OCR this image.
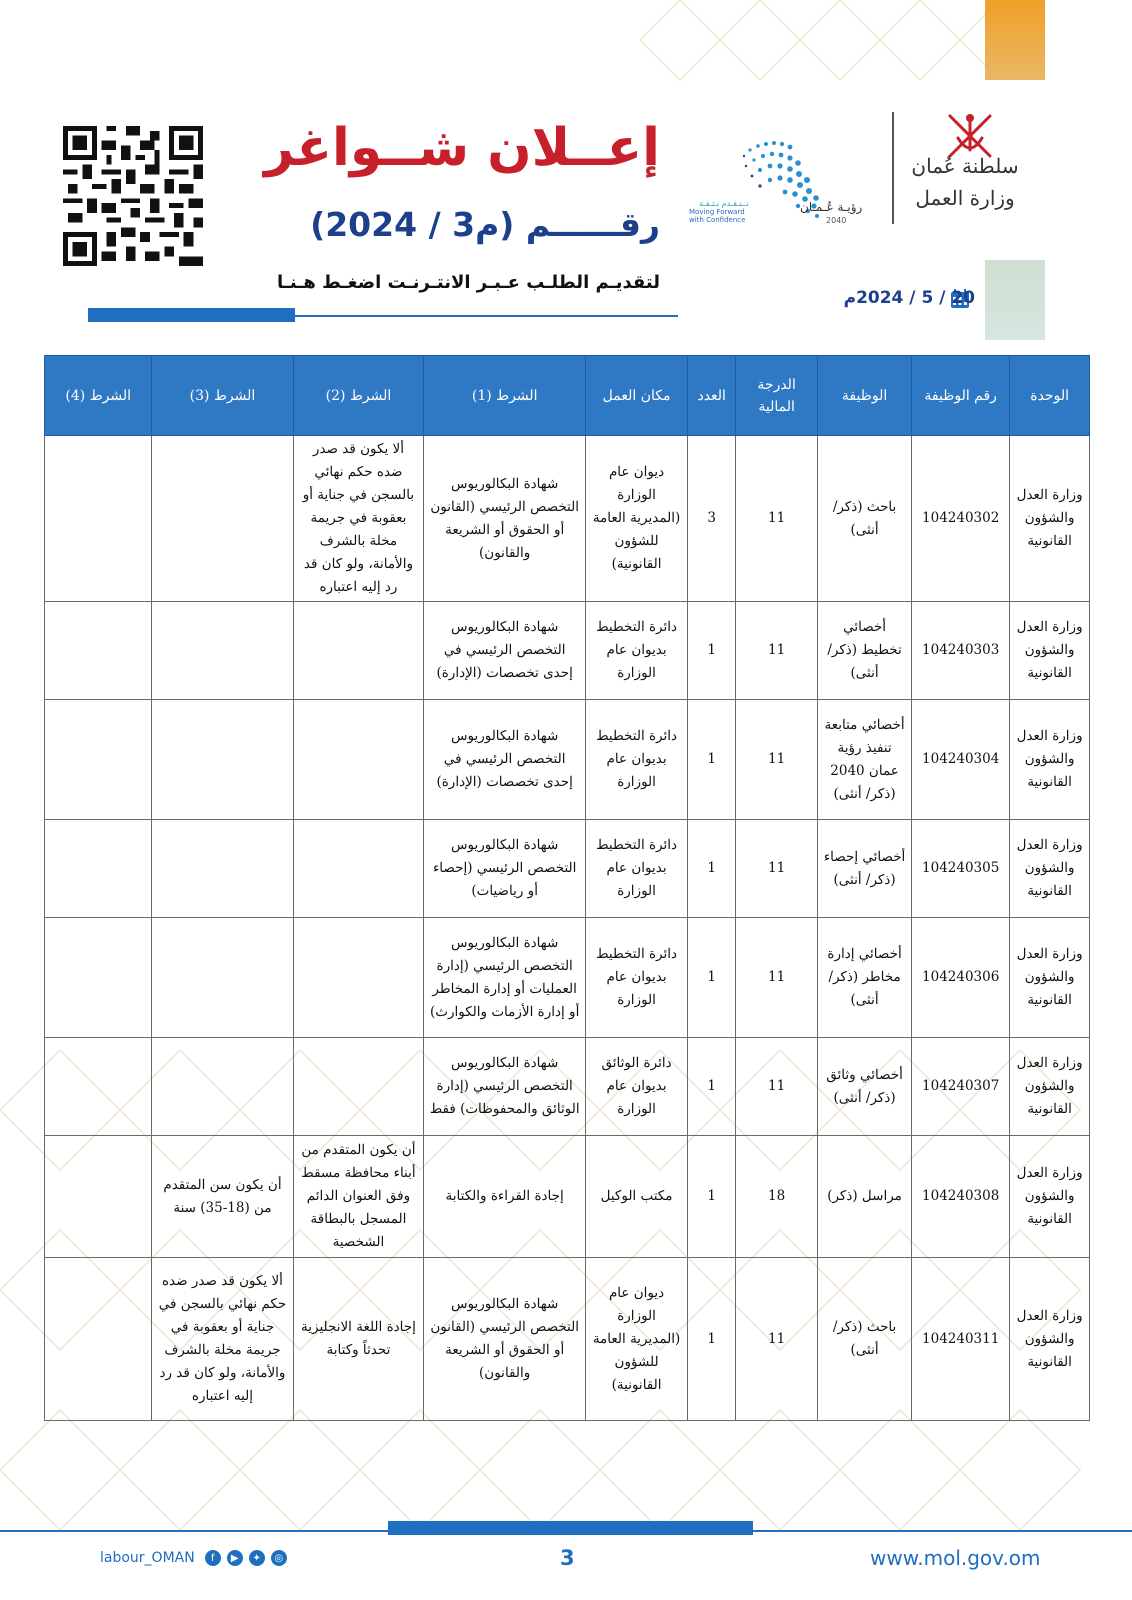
إعــلان شــواغر
رقــــــم (م3 / 2024)
لتقديـم الطلـب عـبـر الانتـرنـت اضغـط هـنـا
سلطنة عُمان
وزارة العمل
رؤيـة عُـمـان
2040
نــتـقـدم بـثـقـة
Moving Forward with Confidence
20 / 5 / 2024م
الوحدة	رقم الوظيفة	الوظيفة	الدرجة المالية	العدد	مكان العمل	الشرط (1)	الشرط (2)	الشرط (3)	الشرط (4)
وزارة العدل والشؤون القانونية	104240302	باحث (ذكر/ أنثى)	11	3	ديوان عام الوزارة (المديرية العامة للشؤون القانونية)	شهادة البكالوريوس التخصص الرئيسي (القانون أو الحقوق أو الشريعة والقانون)	ألا يكون قد صدر ضده حكم نهائي بالسجن في جناية أو بعقوبة في جريمة مخلة بالشرف والأمانة، ولو كان قد رد إليه اعتباره		
وزارة العدل والشؤون القانونية	104240303	أخصائي تخطيط (ذكر/أنثى)	11	1	دائرة التخطيط بديوان عام الوزارة	شهادة البكالوريوس التخصص الرئيسي في إحدى تخصصات (الإدارة)			
وزارة العدل والشؤون القانونية	104240304	أخصائي متابعة تنفيذ رؤية عمان 2040 (ذكر/ أنثى)	11	1	دائرة التخطيط بديوان عام الوزارة	شهادة البكالوريوس التخصص الرئيسي في إحدى تخصصات (الإدارة)			
وزارة العدل والشؤون القانونية	104240305	أخصائي إحصاء (ذكر/ أنثى)	11	1	دائرة التخطيط بديوان عام الوزارة	شهادة البكالوريوس التخصص الرئيسي (إحصاء أو رياضيات)			
وزارة العدل والشؤون القانونية	104240306	أخصائي إدارة مخاطر (ذكر/ أنثى)	11	1	دائرة التخطيط بديوان عام الوزارة	شهادة البكالوريوس التخصص الرئيسي (إدارة العمليات أو إدارة المخاطر أو إدارة الأزمات والكوارث)			
وزارة العدل والشؤون القانونية	104240307	أخصائي وثائق (ذكر/ أنثى)	11	1	دائرة الوثائق بديوان عام الوزارة	شهادة البكالوريوس التخصص الرئيسي (إدارة الوثائق والمحفوظات) فقط			
وزارة العدل والشؤون القانونية	104240308	مراسل (ذكر)	18	1	مكتب الوكيل	إجادة القراءة والكتابة	أن يكون المتقدم من أبناء محافظة مسقط وفق العنوان الدائم المسجل بالبطاقة الشخصية	أن يكون سن المتقدم من (18-35) سنة	
وزارة العدل والشؤون القانونية	104240311	باحث (ذكر/ أنثى)	11	1	ديوان عام الوزارة (المديرية العامة للشؤون القانونية)	شهادة البكالوريوس التخصص الرئيسي (القانون أو الحقوق أو الشريعة والقانون)	إجادة اللغة الانجليزية تحدثاً وكتابة	ألا يكون قد صدر ضده حكم نهائي بالسجن في جناية أو بعقوبة في جريمة مخلة بالشرف والأمانة، ولو كان قد رد إليه اعتباره	
www.mol.gov.om
3
labour_OMAN	f	▶	✦	◎
